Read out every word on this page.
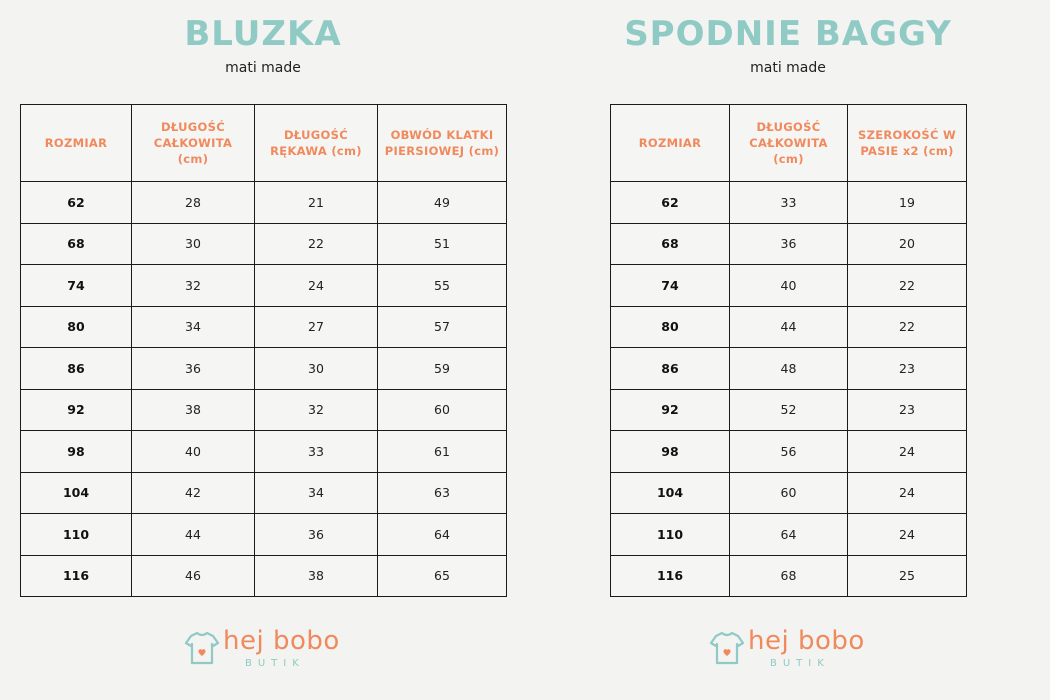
BLUZKA
mati made
ROZMIAR	DŁUGOŚĆ CAŁKOWITA (cm)	DŁUGOŚĆ RĘKAWA (cm)	OBWÓD KLATKI PIERSIOWEJ (cm)
62	28	21	49
68	30	22	51
74	32	24	55
80	34	27	57
86	36	30	59
92	38	32	60
98	40	33	61
104	42	34	63
110	44	36	64
116	46	38	65
SPODNIE BAGGY
mati made
ROZMIAR	DŁUGOŚĆ CAŁKOWITA (cm)	SZEROKOŚĆ W PASIE x2 (cm)
62	33	19
68	36	20
74	40	22
80	44	22
86	48	23
92	52	23
98	56	24
104	60	24
110	64	24
116	68	25
hej bobo
BUTIK
hej bobo
BUTIK
